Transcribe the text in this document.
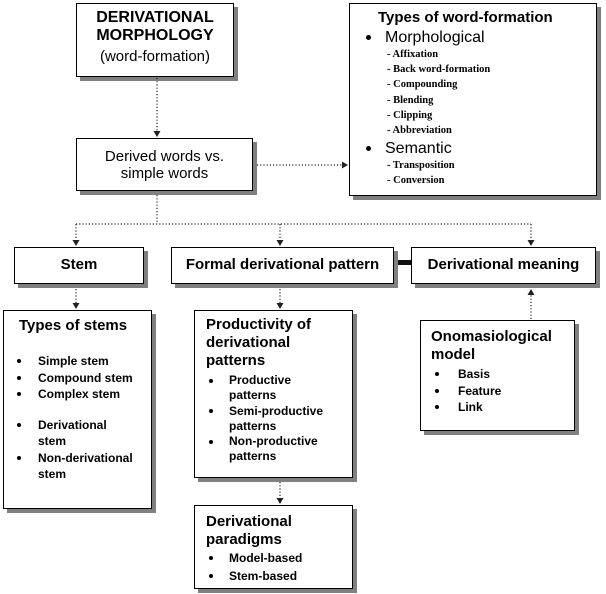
DERIVATIONAL
MORPHOLOGY
(word-formation)
Types of word-formation
Morphological
- Affixation
- Back word-formation
- Compounding
- Blending
- Clipping
- Abbreviation
Semantic
- Transposition
- Conversion
Derived words vs.
simple words
Stem	Formal derivational pattern	Derivational meaning
Types of stems
Simple stem
Compound stem
Complex stem
Derivational
stem
Non-derivational
stem
Productivity of
derivational
patterns
Productive
patterns
Semi-productive
patterns
Non-productive
patterns
Derivational
paradigms
Model-based
Stem-based
Onomasiological
model
Basis
Feature
Link
